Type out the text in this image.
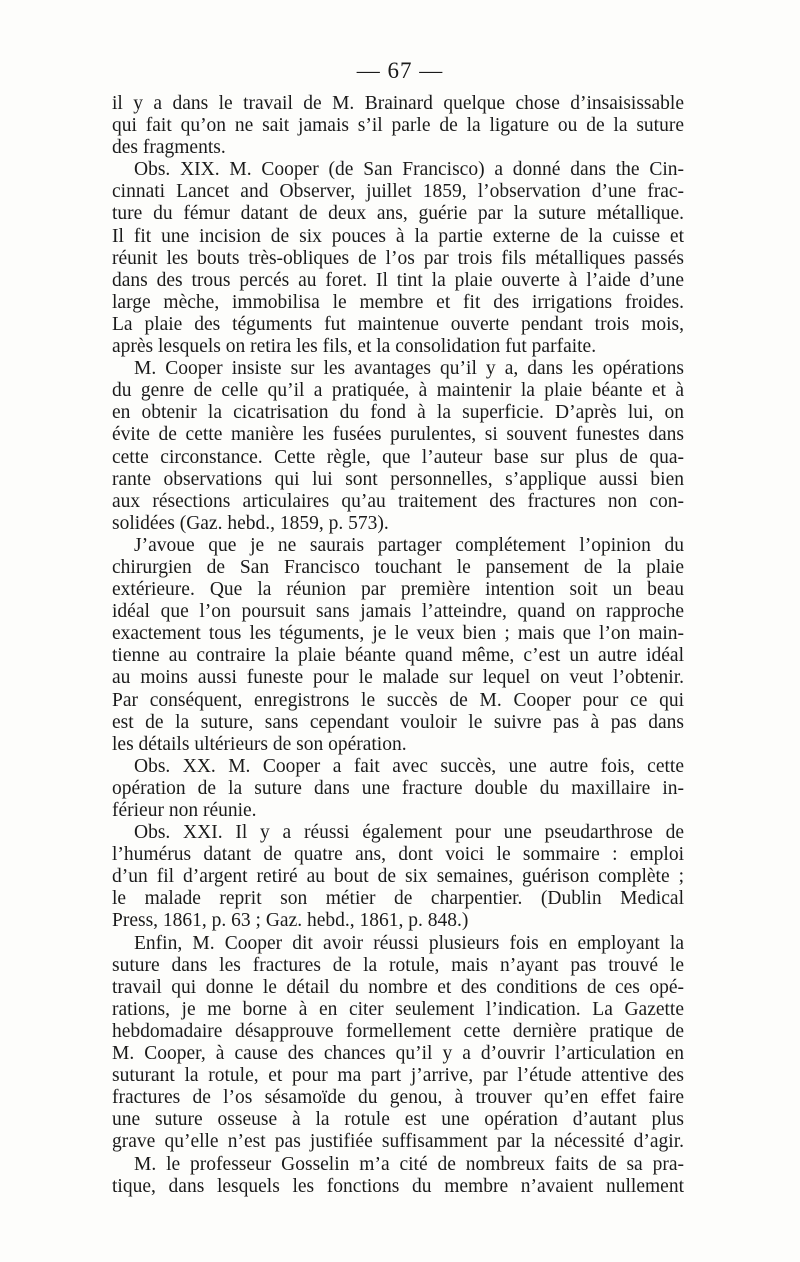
— 67 —
il y a dans le travail de M. Brainard quelque chose d’insaisissable
qui fait qu’on ne sait jamais s’il parle de la ligature ou de la suture
des fragments.
Obs. XIX. M. Cooper (de San Francisco) a donné dans the Cin-
cinnati Lancet and Observer, juillet 1859, l’observation d’une frac-
ture du fémur datant de deux ans, guérie par la suture métallique.
Il fit une incision de six pouces à la partie externe de la cuisse et
réunit les bouts très-obliques de l’os par trois fils métalliques passés
dans des trous percés au foret. Il tint la plaie ouverte à l’aide d’une
large mèche, immobilisa le membre et fit des irrigations froides.
La plaie des téguments fut maintenue ouverte pendant trois mois,
après lesquels on retira les fils, et la consolidation fut parfaite.
M. Cooper insiste sur les avantages qu’il y a, dans les opérations
du genre de celle qu’il a pratiquée, à maintenir la plaie béante et à
en obtenir la cicatrisation du fond à la superficie. D’après lui, on
évite de cette manière les fusées purulentes, si souvent funestes dans
cette circonstance. Cette règle, que l’auteur base sur plus de qua-
rante observations qui lui sont personnelles, s’applique aussi bien
aux résections articulaires qu’au traitement des fractures non con-
solidées (Gaz. hebd., 1859, p. 573).
J’avoue que je ne saurais partager complétement l’opinion du
chirurgien de San Francisco touchant le pansement de la plaie
extérieure. Que la réunion par première intention soit un beau
idéal que l’on poursuit sans jamais l’atteindre, quand on rapproche
exactement tous les téguments, je le veux bien ; mais que l’on main-
tienne au contraire la plaie béante quand même, c’est un autre idéal
au moins aussi funeste pour le malade sur lequel on veut l’obtenir.
Par conséquent, enregistrons le succès de M. Cooper pour ce qui
est de la suture, sans cependant vouloir le suivre pas à pas dans
les détails ultérieurs de son opération.
Obs. XX. M. Cooper a fait avec succès, une autre fois, cette
opération de la suture dans une fracture double du maxillaire in-
férieur non réunie.
Obs. XXI. Il y a réussi également pour une pseudarthrose de
l’humérus datant de quatre ans, dont voici le sommaire : emploi
d’un fil d’argent retiré au bout de six semaines, guérison complète ;
le malade reprit son métier de charpentier. (Dublin Medical
Press, 1861, p. 63 ; Gaz. hebd., 1861, p. 848.)
Enfin, M. Cooper dit avoir réussi plusieurs fois en employant la
suture dans les fractures de la rotule, mais n’ayant pas trouvé le
travail qui donne le détail du nombre et des conditions de ces opé-
rations, je me borne à en citer seulement l’indication. La Gazette
hebdomadaire désapprouve formellement cette dernière pratique de
M. Cooper, à cause des chances qu’il y a d’ouvrir l’articulation en
suturant la rotule, et pour ma part j’arrive, par l’étude attentive des
fractures de l’os sésamoïde du genou, à trouver qu’en effet faire
une suture osseuse à la rotule est une opération d’autant plus
grave qu’elle n’est pas justifiée suffisamment par la nécessité d’agir.
M. le professeur Gosselin m’a cité de nombreux faits de sa pra-
tique, dans lesquels les fonctions du membre n’avaient nullement
